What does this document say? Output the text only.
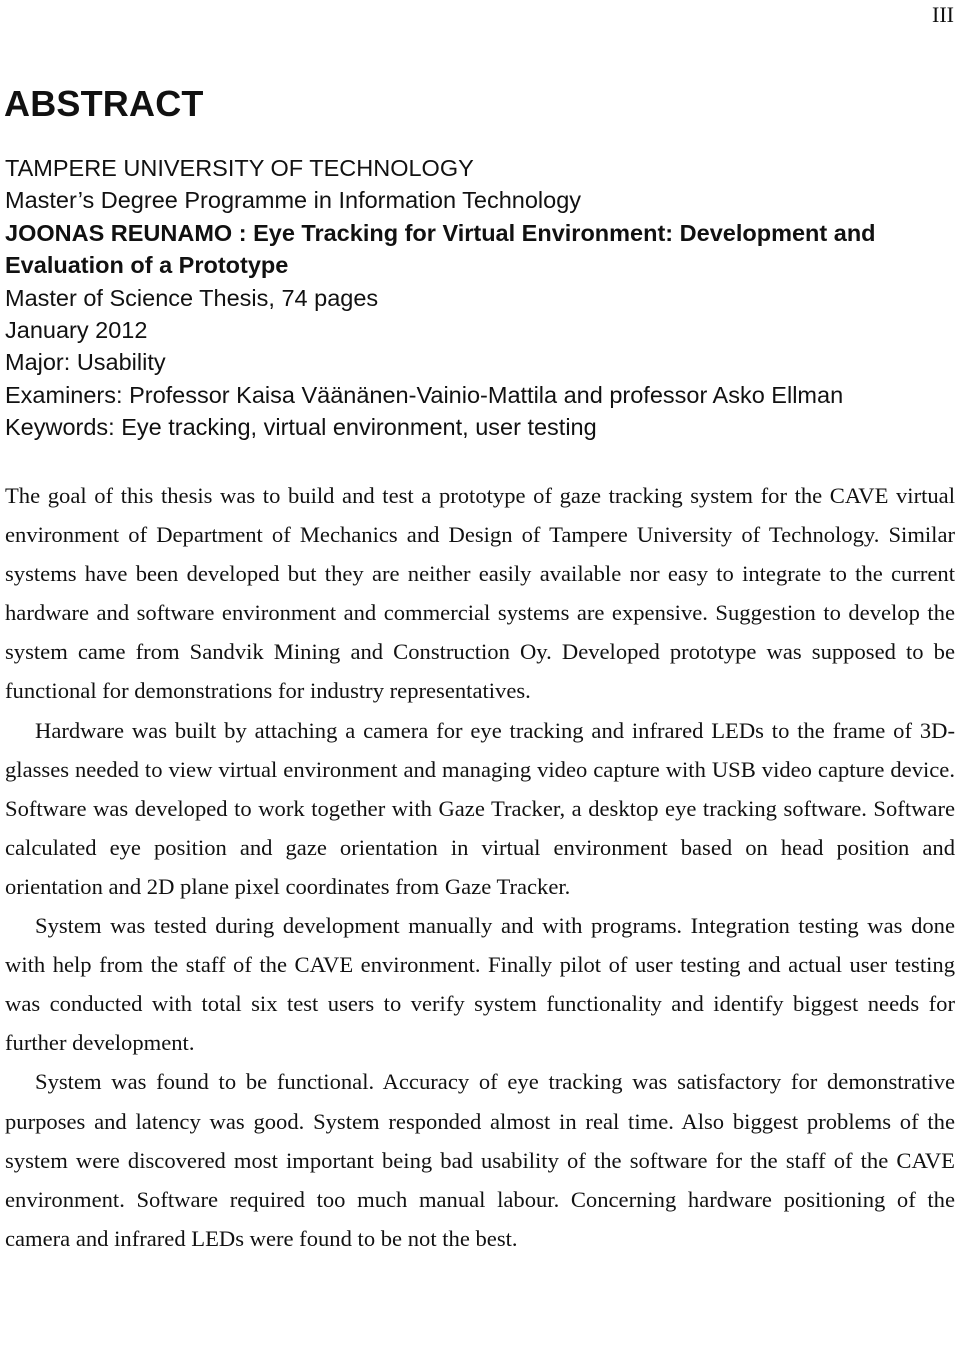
III
ABSTRACT
TAMPERE UNIVERSITY OF TECHNOLOGY
Master’s Degree Programme in Information Technology
JOONAS REUNAMO : Eye Tracking for Virtual Environment: Development and Evaluation of a Prototype
Master of Science Thesis, 74 pages
January 2012
Major: Usability
Examiners: Professor Kaisa Väänänen-Vainio-Mattila and professor Asko Ellman
Keywords: Eye tracking, virtual environment, user testing

The goal of this thesis was to build and test a prototype of gaze tracking system for the CAVE virtual environment of Department of Mechanics and Design of Tampere University of Technology. Similar systems have been developed but they are neither easily available nor easy to integrate to the current hardware and software environment and commercial systems are expensive. Suggestion to develop the system came from Sandvik Mining and Construction Oy. Developed prototype was supposed to be functional for demonstrations for industry representatives.

Hardware was built by attaching a camera for eye tracking and infrared LEDs to the frame of 3D-glasses needed to view virtual environment and managing video capture with USB video capture device. Software was developed to work together with Gaze Tracker, a desktop eye tracking software. Software calculated eye position and gaze orientation in virtual environment based on head position and orientation and 2D plane pixel coordinates from Gaze Tracker.

System was tested during development manually and with programs. Integration testing was done with help from the staff of the CAVE environment. Finally pilot of user testing and actual user testing was conducted with total six test users to verify system functionality and identify biggest needs for further development.

System was found to be functional. Accuracy of eye tracking was satisfactory for demonstrative purposes and latency was good. System responded almost in real time. Also biggest problems of the system were discovered most important being bad usability of the software for the staff of the CAVE environment. Software required too much manual labour. Concerning hardware positioning of the camera and infrared LEDs were found to be not the best.
